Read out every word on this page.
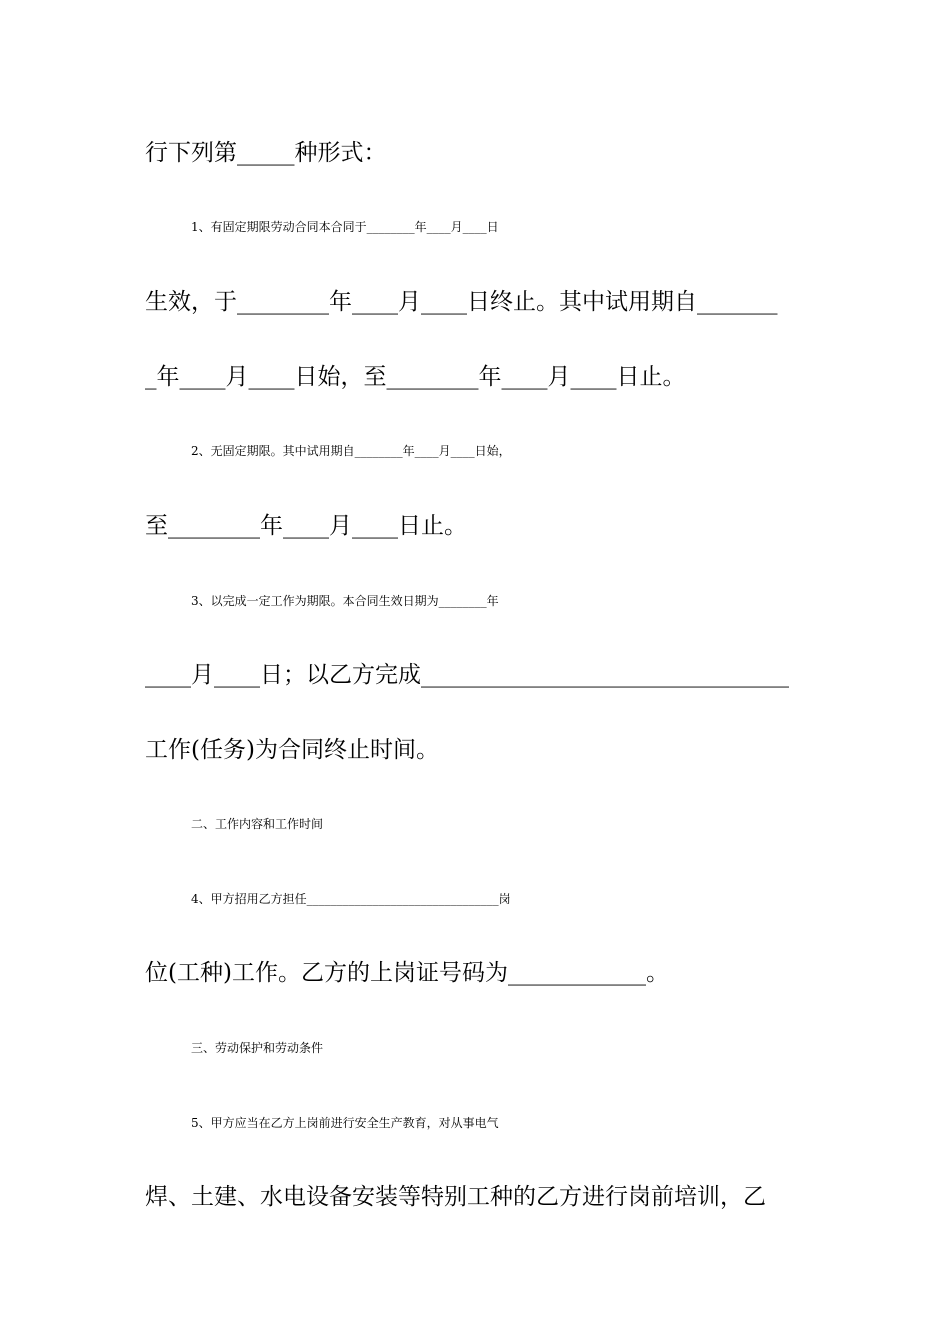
行下列第_____种形式：
1、有固定期限劳动合同本合同于________年____月____日
生效，于________年____月____日终止。其中试用期自_______
_年____月____日始，至________年____月____日止。
2、无固定期限。其中试用期自________年____月____日始，
至________年____月____日止。
3、以完成一定工作为期限。本合同生效日期为________年
____月____日；以乙方完成________________________________
工作(任务)为合同终止时间。
二、工作内容和工作时间
4、甲方招用乙方担任________________________________岗
位(工种)工作。乙方的上岗证号码为____________。
三、劳动保护和劳动条件
5、甲方应当在乙方上岗前进行安全生产教育，对从事电气
焊、土建、水电设备安装等特别工种的乙方进行岗前培训，乙
